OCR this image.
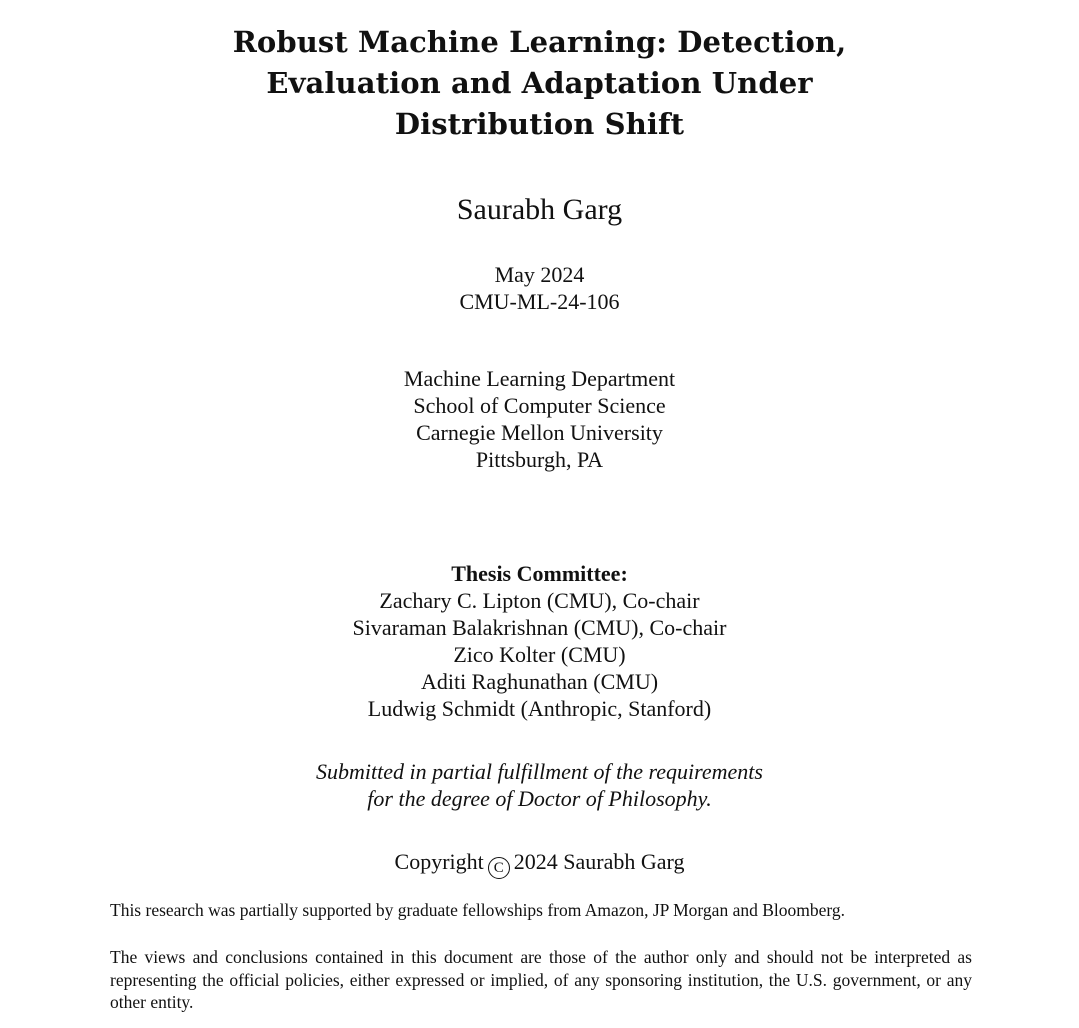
Robust Machine Learning: Detection,
Evaluation and Adaptation Under
Distribution Shift
Saurabh Garg
May 2024
CMU-ML-24-106
Machine Learning Department
School of Computer Science
Carnegie Mellon University
Pittsburgh, PA
Thesis Committee:
Zachary C. Lipton (CMU), Co-chair
Sivaraman Balakrishnan (CMU), Co-chair
Zico Kolter (CMU)
Aditi Raghunathan (CMU)
Ludwig Schmidt (Anthropic, Stanford)
Submitted in partial fulfillment of the requirements
for the degree of Doctor of Philosophy.
Copyright C 2024 Saurabh Garg
This research was partially supported by graduate fellowships from Amazon, JP Morgan and Bloomberg.
The views and conclusions contained in this document are those of the author only and should not be interpreted as representing the official policies, either expressed or implied, of any sponsoring institution, the U.S. government, or any other entity.
